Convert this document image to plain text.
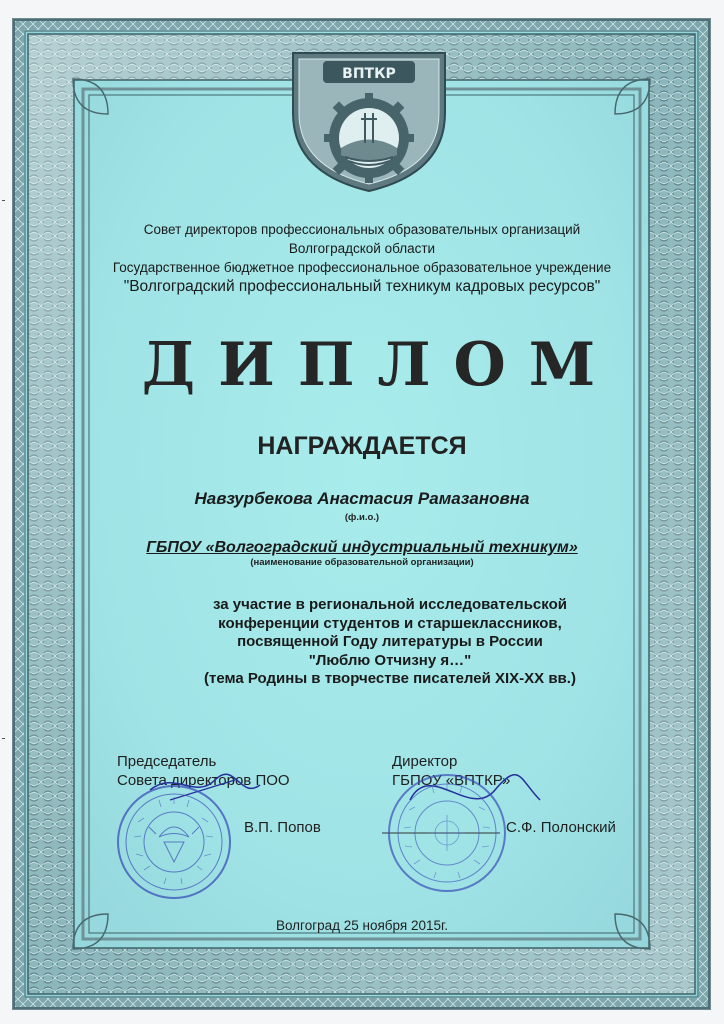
ВПТКР
Совет директоров профессиональных образовательных организаций
Волгоградской области
Государственное бюджетное профессиональное образовательное учреждение
"Волгоградский профессиональный техникум кадровых ресурсов"
ДИПЛОМ
НАГРАЖДАЕТСЯ
Навзурбекова Анастасия Рамазановна
(ф.и.о.)
ГБПОУ «Волгоградский индустриальный техникум»
(наименование образовательной организации)
за участие в региональной исследовательской
конференции студентов и старшеклассников,
посвященной Году литературы в России
"Люблю Отчизну я…"
(тема Родины в творчестве писателей XIX-XX вв.)
Председатель
Совета директоров ПОО
В.П. Попов
Директор
ГБПОУ «ВПТКР»
С.Ф. Полонский
Волгоград 25 ноября 2015г.
